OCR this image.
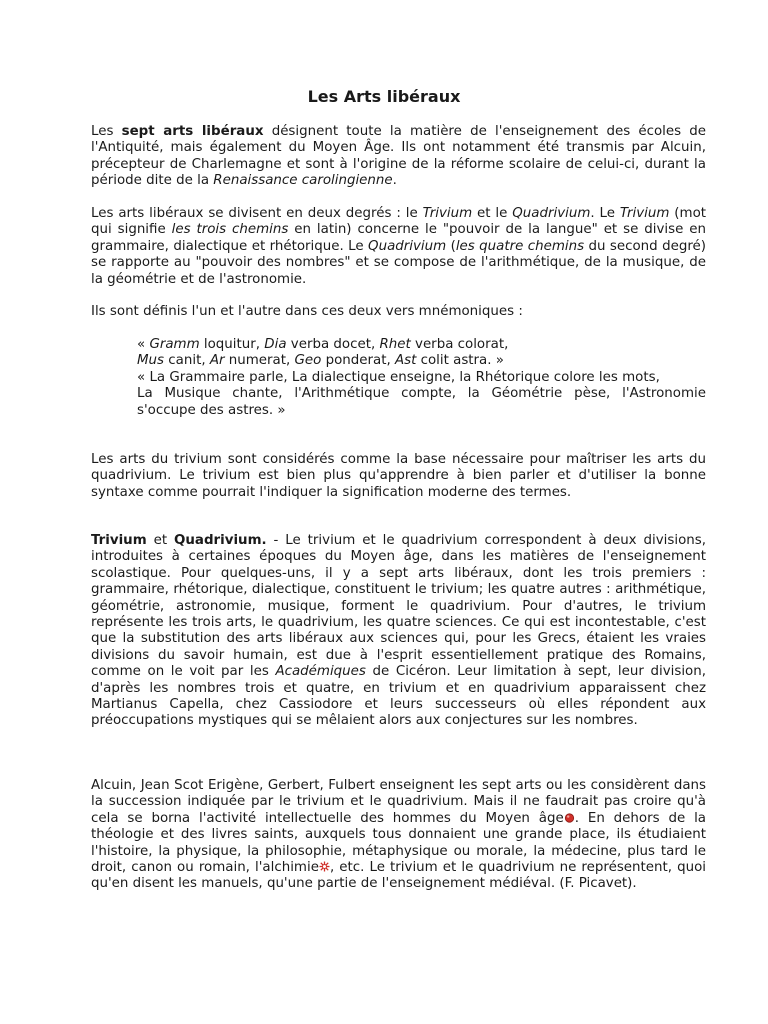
Les Arts libéraux

Les sept arts libéraux désignent toute la matière de l'enseignement des écoles de l'Antiquité, mais également du Moyen Âge. Ils ont notamment été transmis par Alcuin, précepteur de Charlemagne et sont à l'origine de la réforme scolaire de celui-ci, durant la période dite de la Renaissance carolingienne.

Les arts libéraux se divisent en deux degrés : le Trivium et le Quadrivium. Le Trivium (mot qui signifie les trois chemins en latin) concerne le "pouvoir de la langue" et se divise en grammaire, dialectique et rhétorique. Le Quadrivium (les quatre chemins du second degré) se rapporte au "pouvoir des nombres" et se compose de l'arithmétique, de la musique, de la géométrie et de l'astronomie.

Ils sont définis l'un et l'autre dans ces deux vers mnémoniques :

« Gramm loquitur, Dia verba docet, Rhet verba colorat,
Mus canit, Ar numerat, Geo ponderat, Ast colit astra. »
« La Grammaire parle, La dialectique enseigne, la Rhétorique colore les mots,
La Musique chante, l'Arithmétique compte, la Géométrie pèse, l'Astronomie s'occupe des astres. »

Les arts du trivium sont considérés comme la base nécessaire pour maîtriser les arts du quadrivium. Le trivium est bien plus qu'apprendre à bien parler et d'utiliser la bonne syntaxe comme pourrait l'indiquer la signification moderne des termes.

Trivium et Quadrivium. - Le trivium et le quadrivium correspondent à deux divisions, introduites à certaines époques du Moyen âge, dans les matières de l'enseignement scolastique. Pour quelques-uns, il y a sept arts libéraux, dont les trois premiers : grammaire, rhétorique, dialectique, constituent le trivium; les quatre autres : arithmétique, géométrie, astronomie, musique, forment le quadrivium. Pour d'autres, le trivium représente les trois arts, le quadrivium, les quatre sciences. Ce qui est incontestable, c'est que la substitution des arts libéraux aux sciences qui, pour les Grecs, étaient les vraies divisions du savoir humain, est due à l'esprit essentiellement pratique des Romains, comme on le voit par les Académiques de Cicéron. Leur limitation à sept, leur division, d'après les nombres trois et quatre, en trivium et en quadrivium apparaissent chez Martianus Capella, chez Cassiodore et leurs successeurs où elles répondent aux préoccupations mystiques qui se mêlaient alors aux conjectures sur les nombres.

Alcuin, Jean Scot Erigène, Gerbert, Fulbert enseignent les sept arts ou les considèrent dans la succession indiquée par le trivium et le quadrivium. Mais il ne faudrait pas croire qu'à cela se borna l'activité intellectuelle des hommes du Moyen âge . En dehors de la théologie et des livres saints, auxquels tous donnaient une grande place, ils étudiaient l'histoire, la physique, la philosophie, métaphysique ou morale, la médecine, plus tard le droit, canon ou romain, l'alchimie , etc. Le trivium et le quadrivium ne représentent, quoi qu'en disent les manuels, qu'une partie de l'enseignement médiéval. (F. Picavet).
